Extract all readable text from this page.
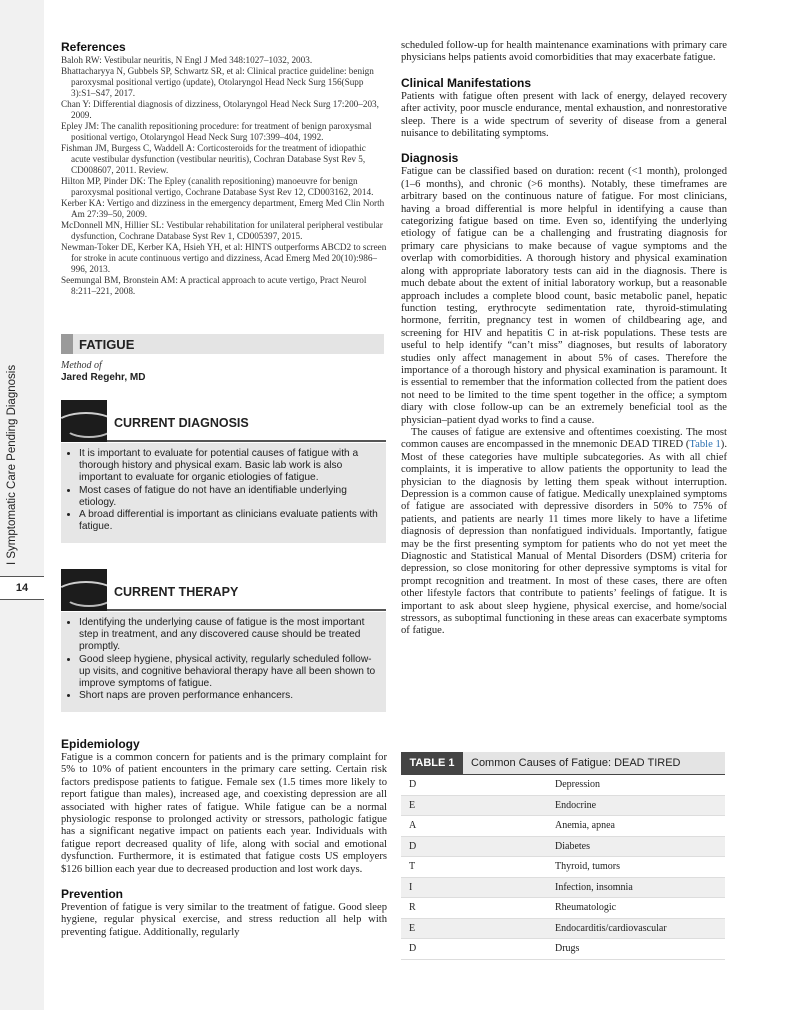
I Symptomatic Care Pending Diagnosis
14
References

Baloh RW: Vestibular neuritis, N Engl J Med 348:1027–1032, 2003.

Bhattacharyya N, Gubbels SP, Schwartz SR, et al: Clinical practice guideline: benign paroxysmal positional vertigo (update), Otolaryngol Head Neck Surg 156(Supp 3):S1–S47, 2017.

Chan Y: Differential diagnosis of dizziness, Otolaryngol Head Neck Surg 17:200–203, 2009.

Epley JM: The canalith repositioning procedure: for treatment of benign paroxysmal positional vertigo, Otolaryngol Head Neck Surg 107:399–404, 1992.

Fishman JM, Burgess C, Waddell A: Corticosteroids for the treatment of idiopathic acute vestibular dysfunction (vestibular neuritis), Cochran Database Syst Rev 5, CD008607, 2011. Review.

Hilton MP, Pinder DK: The Epley (canalith repositioning) manoeuvre for benign paroxysmal positional vertigo, Cochrane Database Syst Rev 12, CD003162, 2014.

Kerber KA: Vertigo and dizziness in the emergency department, Emerg Med Clin North Am 27:39–50, 2009.

McDonnell MN, Hillier SL: Vestibular rehabilitation for unilateral peripheral vestibular dysfunction, Cochrane Database Syst Rev 1, CD005397, 2015.

Newman-Toker DE, Kerber KA, Hsieh YH, et al: HINTS outperforms ABCD2 to screen for stroke in acute continuous vertigo and dizziness, Acad Emerg Med 20(10):986–996, 2013.

Seemungal BM, Bronstein AM: A practical approach to acute vertigo, Pract Neurol 8:211–221, 2008.

FATIGUE
Method of
Jared Regehr, MD
CURRENT DIAGNOSIS
• It is important to evaluate for potential causes of fatigue with a thorough history and physical exam. Basic lab work is also important to evaluate for organic etiologies of fatigue.
• Most cases of fatigue do not have an identifiable underlying etiology.
• A broad differential is important as clinicians evaluate patients with fatigue.
CURRENT THERAPY
• Identifying the underlying cause of fatigue is the most important step in treatment, and any discovered cause should be treated promptly.
• Good sleep hygiene, physical activity, regularly scheduled follow-up visits, and cognitive behavioral therapy have all been shown to improve symptoms of fatigue.
• Short naps are proven performance enhancers.
Epidemiology

Fatigue is a common concern for patients and is the primary complaint for 5% to 10% of patient encounters in the primary care setting. Certain risk factors predispose patients to fatigue. Female sex (1.5 times more likely to report fatigue than males), increased age, and coexisting depression are all associated with higher rates of fatigue. While fatigue can be a normal physiologic response to prolonged activity or stressors, pathologic fatigue has a significant negative impact on patients each year. Individuals with fatigue report decreased quality of life, along with social and emotional dysfunction. Furthermore, it is estimated that fatigue costs US employers $126 billion each year due to decreased production and lost work days.

Prevention

Prevention of fatigue is very similar to the treatment of fatigue. Good sleep hygiene, regular physical exercise, and stress reduction all help with preventing fatigue. Additionally, regularly

scheduled follow-up for health maintenance examinations with primary care physicians helps patients avoid comorbidities that may exacerbate fatigue.

Clinical Manifestations

Patients with fatigue often present with lack of energy, delayed recovery after activity, poor muscle endurance, mental exhaustion, and nonrestorative sleep. There is a wide spectrum of severity of disease from a general nuisance to debilitating symptoms.

Diagnosis

Fatigue can be classified based on duration: recent (<1 month), prolonged (1–6 months), and chronic (>6 months). Notably, these timeframes are arbitrary based on the continuous nature of fatigue. For most clinicians, having a broad differential is more helpful in identifying a cause than categorizing fatigue based on time. Even so, identifying the underlying etiology of fatigue can be a challenging and frustrating diagnosis for primary care physicians to make because of vague symptoms and the overlap with comorbidities. A thorough history and physical examination along with appropriate laboratory tests can aid in the diagnosis. There is much debate about the extent of initial laboratory workup, but a reasonable approach includes a complete blood count, basic metabolic panel, hepatic function testing, erythrocyte sedimentation rate, thyroid-stimulating hormone, ferritin, pregnancy test in women of childbearing age, and screening for HIV and hepatitis C in at-risk populations. These tests are useful to help identify “can’t miss” diagnoses, but results of laboratory studies only affect management in about 5% of cases. Therefore the importance of a thorough history and physical examination is paramount. It is essential to remember that the information collected from the patient does not need to be limited to the time spent together in the office; a symptom diary with close follow-up can be an extremely beneficial tool as the physician–patient dyad works to find a cause.

The causes of fatigue are extensive and oftentimes coexisting. The most common causes are encompassed in the mnemonic DEAD TIRED (Table 1). Most of these categories have multiple subcategories. As with all chief complaints, it is imperative to allow patients the opportunity to lead the physician to the diagnosis by letting them speak without interruption. Depression is a common cause of fatigue. Medically unexplained symptoms of fatigue are associated with depressive disorders in 50% to 75% of patients, and patients are nearly 11 times more likely to have a lifetime diagnosis of depression than nonfatigued individuals. Importantly, fatigue may be the first presenting symptom for patients who do not yet meet the Diagnostic and Statistical Manual of Mental Disorders (DSM) criteria for depression, so close monitoring for other depressive symptoms is vital for prompt recognition and treatment. In most of these cases, there are often other lifestyle factors that contribute to patients’ feelings of fatigue. It is important to ask about sleep hygiene, physical exercise, and home/social stressors, as suboptimal functioning in these areas can exacerbate symptoms of fatigue.

TABLE 1	Common Causes of Fatigue: DEAD TIRED
D	Depression
E	Endocrine
A	Anemia, apnea
D	Diabetes
T	Thyroid, tumors
I	Infection, insomnia
R	Rheumatologic
E	Endocarditis/cardiovascular
D	Drugs
